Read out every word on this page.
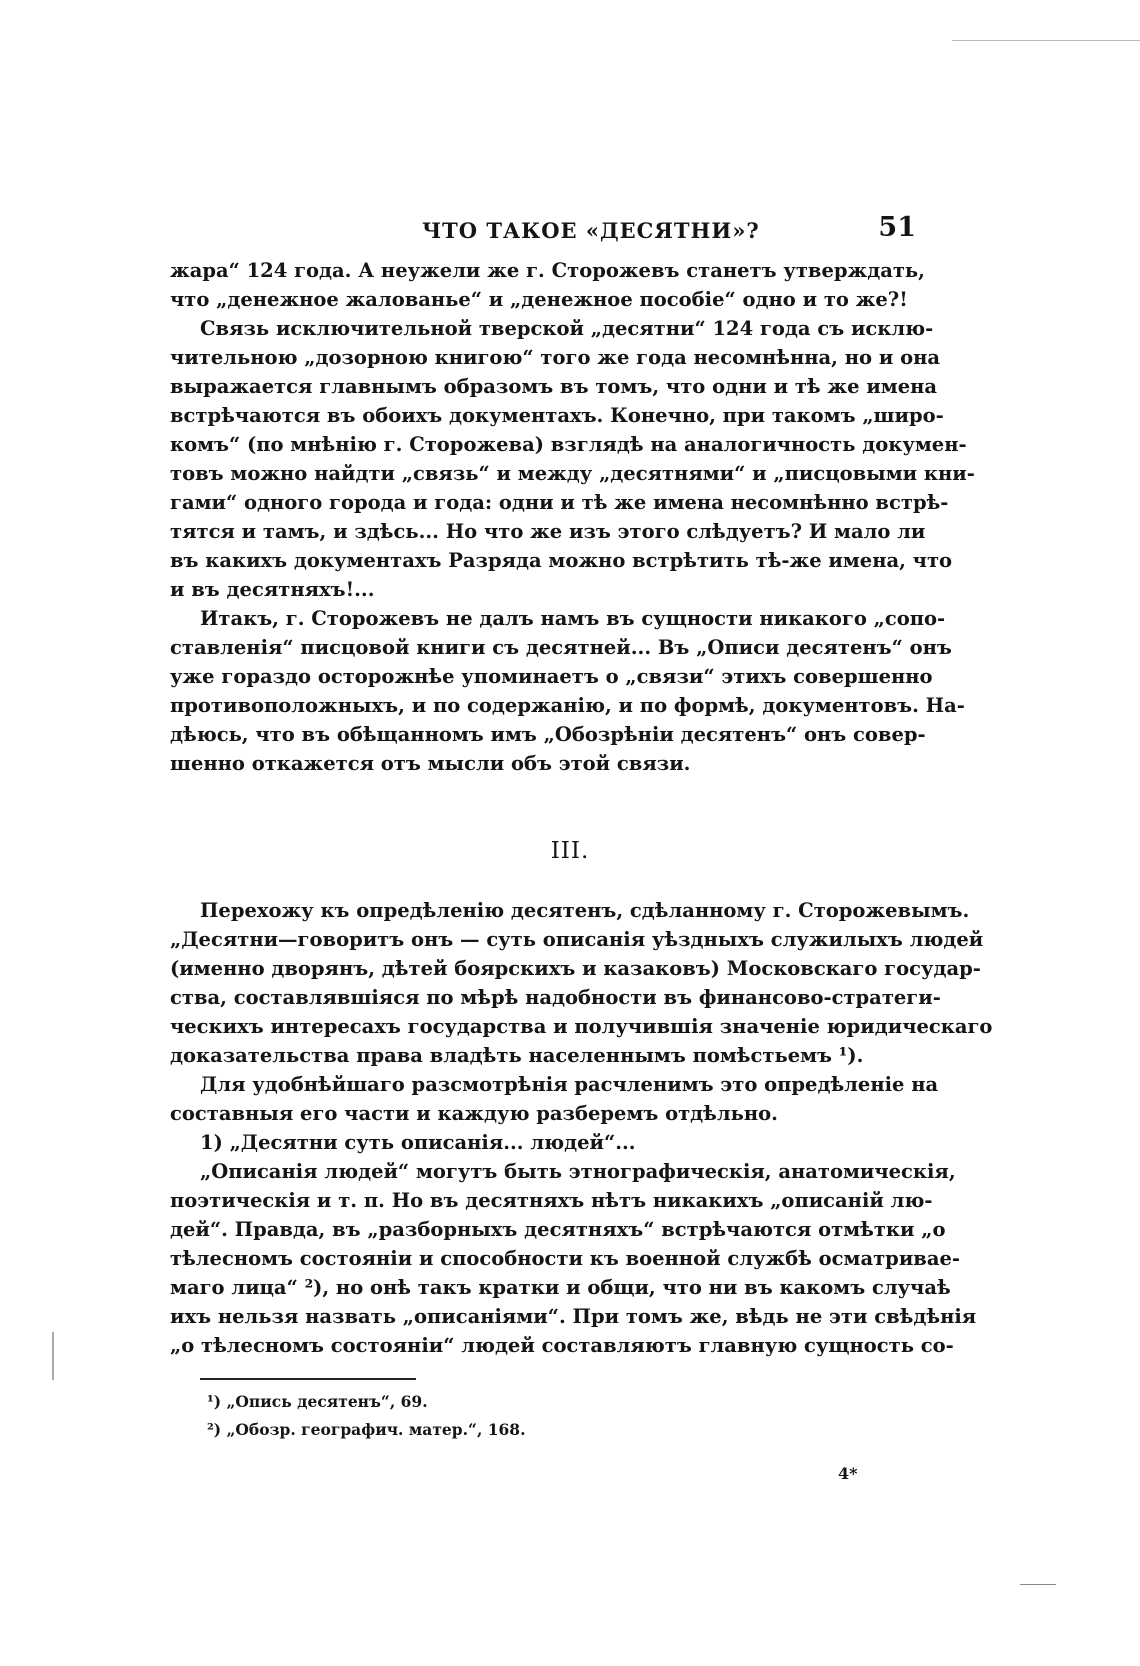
ЧТО ТАКОЕ «ДЕСЯТНИ»?	51
жара“ 124 года. А неужели же г. Сторожевъ станетъ утверждать,
что „денежное жалованье“ и „денежное пособіе“ одно и то же?!
Связь исключительной тверской „десятни“ 124 года съ исклю-
чительною „дозорною книгою“ того же года несомнѣнна, но и она
выражается главнымъ образомъ въ томъ, что одни и тѣ же имена
встрѣчаются въ обоихъ документахъ. Конечно, при такомъ „широ-
комъ“ (по мнѣнію г. Сторожева) взглядѣ на аналогичность докумен-
товъ можно найдти „связь“ и между „десятнями“ и „писцовыми кни-
гами“ одного города и года: одни и тѣ же имена несомнѣнно встрѣ-
тятся и тамъ, и здѣсь... Но что же изъ этого слѣдуетъ? И мало ли
въ какихъ документахъ Разряда можно встрѣтить тѣ-же имена, что
и въ десятняхъ!...
Итакъ, г. Сторожевъ не далъ намъ въ сущности никакого „сопо-
ставленія“ писцовой книги съ десятней... Въ „Описи десятенъ“ онъ
уже гораздо осторожнѣе упоминаетъ о „связи“ этихъ совершенно
противоположныхъ, и по содержанію, и по формѣ, документовъ. На-
дѣюсь, что въ обѣщанномъ имъ „Обозрѣніи десятенъ“ онъ совер-
шенно откажется отъ мысли объ этой связи.
III.
Перехожу къ опредѣленію десятенъ, сдѣланному г. Сторожевымъ.
„Десятни—говоритъ онъ — суть описанія уѣздныхъ служилыхъ людей
(именно дворянъ, дѣтей боярскихъ и казаковъ) Московскаго государ-
ства, составлявшіяся по мѣрѣ надобности въ финансово-стратеги-
ческихъ интересахъ государства и получившія значеніе юридическаго
доказательства права владѣть населеннымъ помѣстьемъ ¹).
Для удобнѣйшаго разсмотрѣнія расчленимъ это опредѣленіе на
составныя его части и каждую разберемъ отдѣльно.
1) „Десятни суть описанія... людей“...
„Описанія людей“ могутъ быть этнографическія, анатомическія,
поэтическія и т. п. Но въ десятняхъ нѣтъ никакихъ „описаній лю-
дей“. Правда, въ „разборныхъ десятняхъ“ встрѣчаются отмѣтки „о
тѣлесномъ состояніи и способности къ военной службѣ осматривае-
маго лица“ ²), но онѣ такъ кратки и общи, что ни въ какомъ случаѣ
ихъ нельзя назвать „описаніями“. При томъ же, вѣдь не эти свѣдѣнія
„о тѣлесномъ состояніи“ людей составляютъ главную сущность со-
¹) „Опись десятенъ“, 69.
²) „Обозр. географич. матер.“, 168.
4*
